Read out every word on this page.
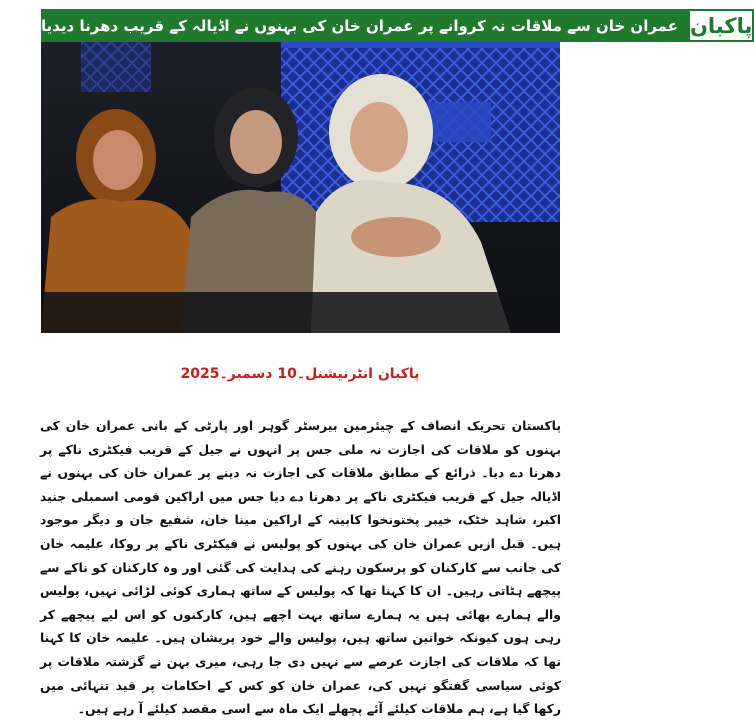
عمران خان سے ملاقات نہ کروانے پر عمران خان کی بہنوں نے اڈیالہ کے قریب دھرنا دیدیا پاکبان
پاکبان انٹرنیشنل۔10 دسمبر۔2025
پاکستان تحریک انصاف کے چیئرمین بیرسٹر گوہر اور پارٹی کے بانی عمران خان کی بہنوں کو ملاقات کی اجازت نہ ملی جس پر انہوں نے جیل کے قریب فیکٹری ناکے پر دھرنا دے دیا۔ ذرائع کے مطابق ملاقات کی اجازت نہ دینے پر عمران خان کی بہنوں نے اڈیالہ جیل کے قریب فیکٹری ناکے پر دھرنا دے دیا جس میں اراکین قومی اسمبلی جنید اکبر، شاہد خٹک، خیبر پختونخوا کابینہ کے اراکین مینا خان، شفیع جان و دیگر موجود ہیں۔ قبل ازیں عمران خان کی بہنوں کو پولیس نے فیکٹری ناکے پر روکا، علیمہ خان کی جانب سے کارکنان کو پرسکون رہنے کی ہدایت کی گئی اور وہ کارکنان کو ناکے سے پیچھے ہٹاتی رہیں۔ ان کا کہنا تھا کہ پولیس کے ساتھ ہماری کوئی لڑائی نہیں، پولیس والے ہمارے بھائی ہیں یہ ہمارے ساتھ بہت اچھے ہیں، کارکنوں کو اس لیے پیچھے کر رہی ہوں کیونکہ خواتین ساتھ ہیں، پولیس والے خود پریشان ہیں۔ علیمہ خان کا کہنا تھا کہ ملاقات کی اجازت عرصے سے نہیں دی جا رہی، میری بہن نے گزشتہ ملاقات پر کوئی سیاسی گفتگو نہیں کی، عمران خان کو کس کے احکامات پر قید تنہائی میں رکھا گیا ہے، ہم ملاقات کیلئے آئے پچھلے ایک ماہ سے اسی مقصد کیلئے آ رہے ہیں۔
